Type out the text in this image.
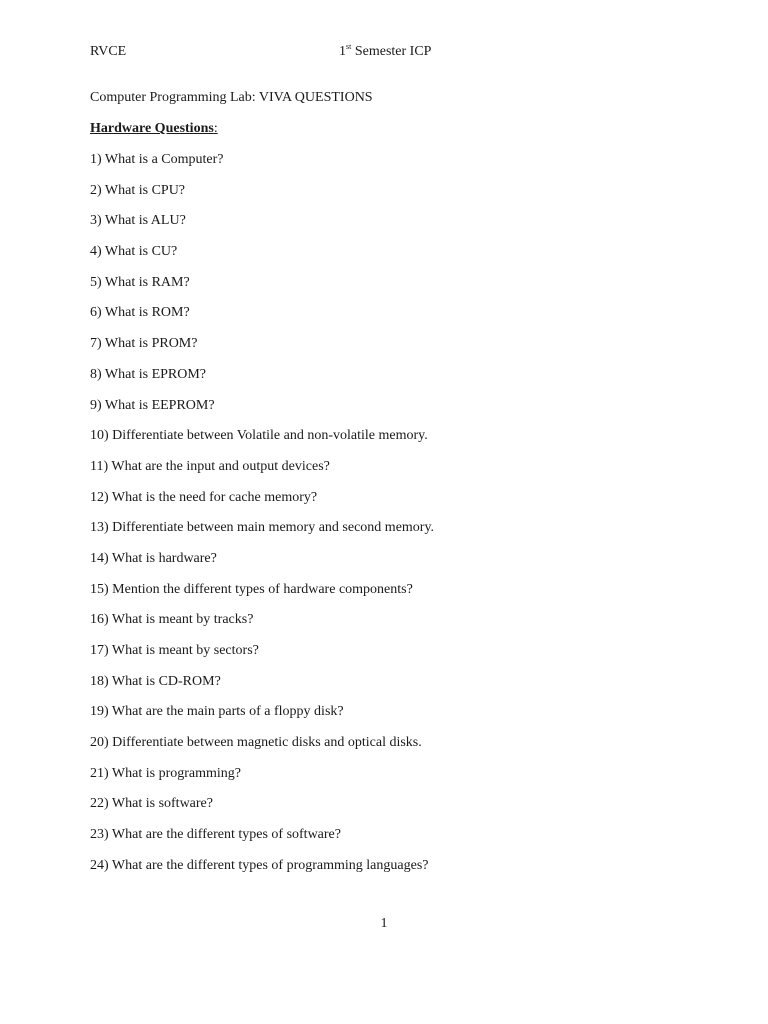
RVCE	1st Semester ICP
Computer Programming Lab: VIVA QUESTIONS
Hardware Questions:
1) What is a Computer?
2) What is CPU?
3) What is ALU?
4) What is CU?
5) What is RAM?
6) What is ROM?
7) What is PROM?
8) What is EPROM?
9) What is EEPROM?
10) Differentiate between Volatile and non-volatile memory.
11) What are the input and output devices?
12) What is the need for cache memory?
13) Differentiate between main memory and second memory.
14) What is hardware?
15) Mention the different types of hardware components?
16) What is meant by tracks?
17) What is meant by sectors?
18) What is CD-ROM?
19) What are the main parts of a floppy disk?
20) Differentiate between magnetic disks and optical disks.
21) What is programming?
22) What is software?
23) What are the different types of software?
24) What are the different types of programming languages?
1
